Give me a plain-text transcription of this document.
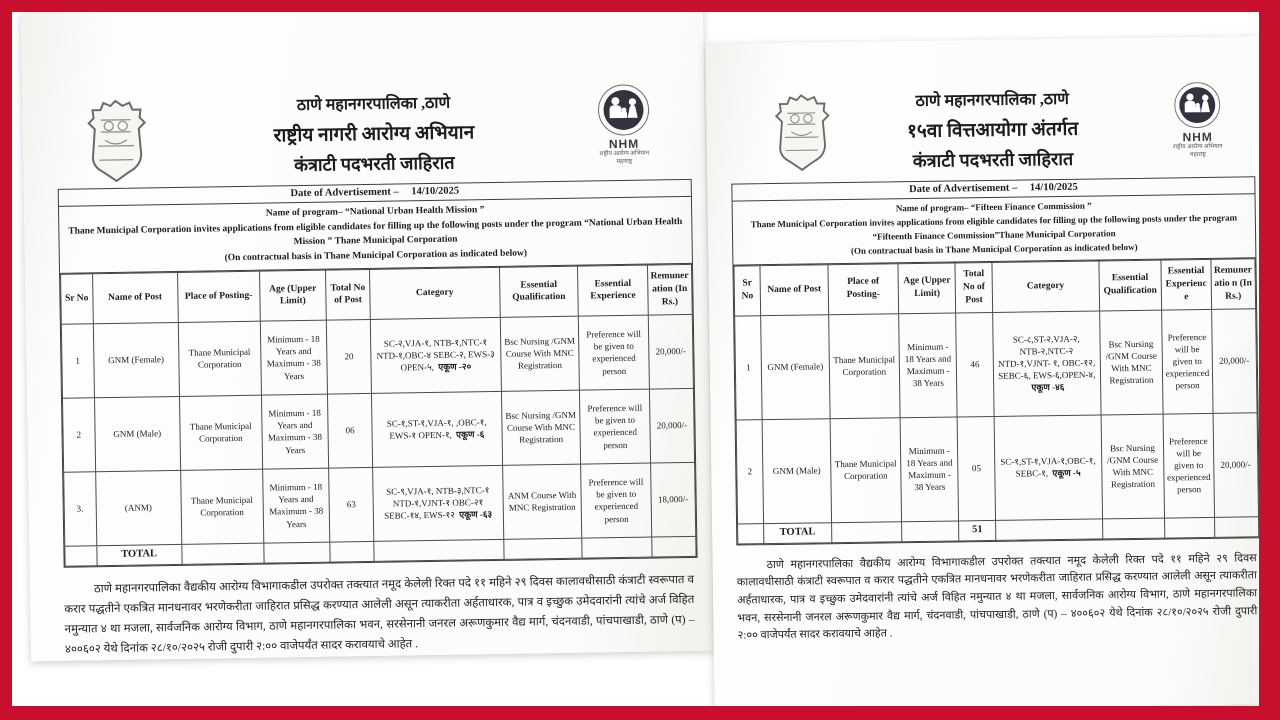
ठाणे महानगरपालिका ,ठाणे
राष्ट्रीय नागरी आरोग्य अभियान
कंत्राटी पदभरती जाहिरात
NHM
राष्ट्रीय आरोग्य अभियान
महाराष्ट्र
Date of Advertisement – 14/10/2025
Name of program– “National Urban Health Mission ”
Thane Municipal Corporation invites applications from eligible candidates for filling up the following posts under the program “National Urban Health Mission ” Thane Municipal Corporation
(On contractual basis in Thane Municipal Corporation as indicated below)
Sr No	Name of Post	Place of Posting-	Age (Upper Limit)	Total No of Post	Category	Essential Qualification	Essential Experience	Remuner ation (In Rs.)
1	GNM (Female)	Thane Municipal Corporation	Minimum - 18 Years and Maximum - 38 Years	20	SC-२,VJA-१, NTB-१,NTC-१ NTD-१,OBC-४ SEBC-२, EWS-३ OPEN-५, एकूण -२०	Bsc Nursing /GNM Course With MNC Registration	Preference will be given to experienced person	20,000/-
2	GNM (Male)	Thane Municipal Corporation	Minimum - 18 Years and Maximum - 38 Years	06	SC-१,ST-१,VJA-१, ,OBC-१, EWS-१ OPEN-१, एकूण -६	Bsc Nursing /GNM Course With MNC Registration	Preference will be given to experienced person	20,000/-
3.	(ANM)	Thane Municipal Corporation	Minimum - 18 Years and Maximum - 38 Years	63	SC-९,VJA-१, NTB-३,NTC-१ NTD-१,VJNT-१ OBC-२१ SEBC-१४, EWS-१२ एकूण -६३	ANM Course With MNC Registration	Preference will be given to experienced person	18,000/-
	TOTAL							

ठाणे महानगरपालिका वैद्यकीय आरोग्य विभागाकडील उपरोक्त तक्त्यात नमूद केलेली रिक्त पदे ११ महिने २९ दिवस कालावधीसाठी कंत्राटी स्वरूपात व करार पद्धतीने एकत्रित मानधनावर भरणेकरीता जाहिरात प्रसिद्ध करण्यात आलेली असून त्याकरीता अर्हताधारक, पात्र व इच्छुक उमेदवारांनी त्यांचे अर्ज विहित नमुन्यात ४ था मजला, सार्वजनिक आरोग्य विभाग, ठाणे महानगरपालिका भवन, सरसेनानी जनरल अरूणकुमार वैद्य मार्ग, चंदनवाडी, पांचपाखाडी, ठाणे (प) – ४००६०२ येथे दिनांक २८/१०/२०२५ रोजी दुपारी २:०० वाजेपर्यंत सादर करावयाचे आहेत .

ठाणे महानगरपालिका ,ठाणे
१५वा वित्तआयोगा अंतर्गत
कंत्राटी पदभरती जाहिरात
NHM
राष्ट्रीय आरोग्य अभियान
महाराष्ट्र
Date of Advertisement – 14/10/2025
Name of program– “Fifteen Finance Commission ”
Thane Municipal Corporation invites applications from eligible candidates for filling up the following posts under the program “Fifteenth Finance Commission”Thane Municipal Corporation
(On contractual basis in Thane Municipal Corporation as indicated below)
Sr No	Name of Post	Place of Posting-	Age (Upper Limit)	Total No of Post	Category	Essential Qualification	Essential Experience	Remuneratio n (In Rs.)
1	GNM (Female)	Thane Municipal Corporation	Minimum - 18 Years and Maximum - 38 Years	46	SC-८,ST-२,VJA-२, NTB-२,NTC-२ NTD-१,VJNT- १, OBC-१२, SEBC-६, EWS-६,OPEN-४, एकूण -४६	Bsc Nursing /GNM Course With MNC Registration	Preference will be given to experienced person	20,000/-
2	GNM (Male)	Thane Municipal Corporation	Minimum - 18 Years and Maximum - 38 Years	05	SC-१,ST-१,VJA-१,OBC-१, SEBC-१, एकूण -५	Bsc Nursing /GNM Course With MNC Registration	Preference will be given to experienced person	20,000/-
	TOTAL			51				

ठाणे महानगरपालिका वैद्यकीय आरोग्य विभागाकडील उपरोक्त तक्त्यात नमूद केलेली रिक्त पदे ११ महिने २९ दिवस कालावधीसाठी कंत्राटी स्वरूपात व करार पद्धतीने एकत्रित मानधनावर भरणेकरीता जाहिरात प्रसिद्ध करण्यात आलेली असून त्याकरीता अर्हताधारक, पात्र व इच्छुक उमेदवारांनी त्यांचे अर्ज विहित नमुन्यात ४ था मजला, सार्वजनिक आरोग्य विभाग, ठाणे महानगरपालिका भवन, सरसेनानी जनरल अरूणकुमार वैद्य मार्ग, चंदनवाडी, पांचपाखाडी, ठाणे (प) – ४००६०२ येथे दिनांक २८/१०/२०२५ रोजी दुपारी २:०० वाजेपर्यंत सादर करावयाचे आहेत .
